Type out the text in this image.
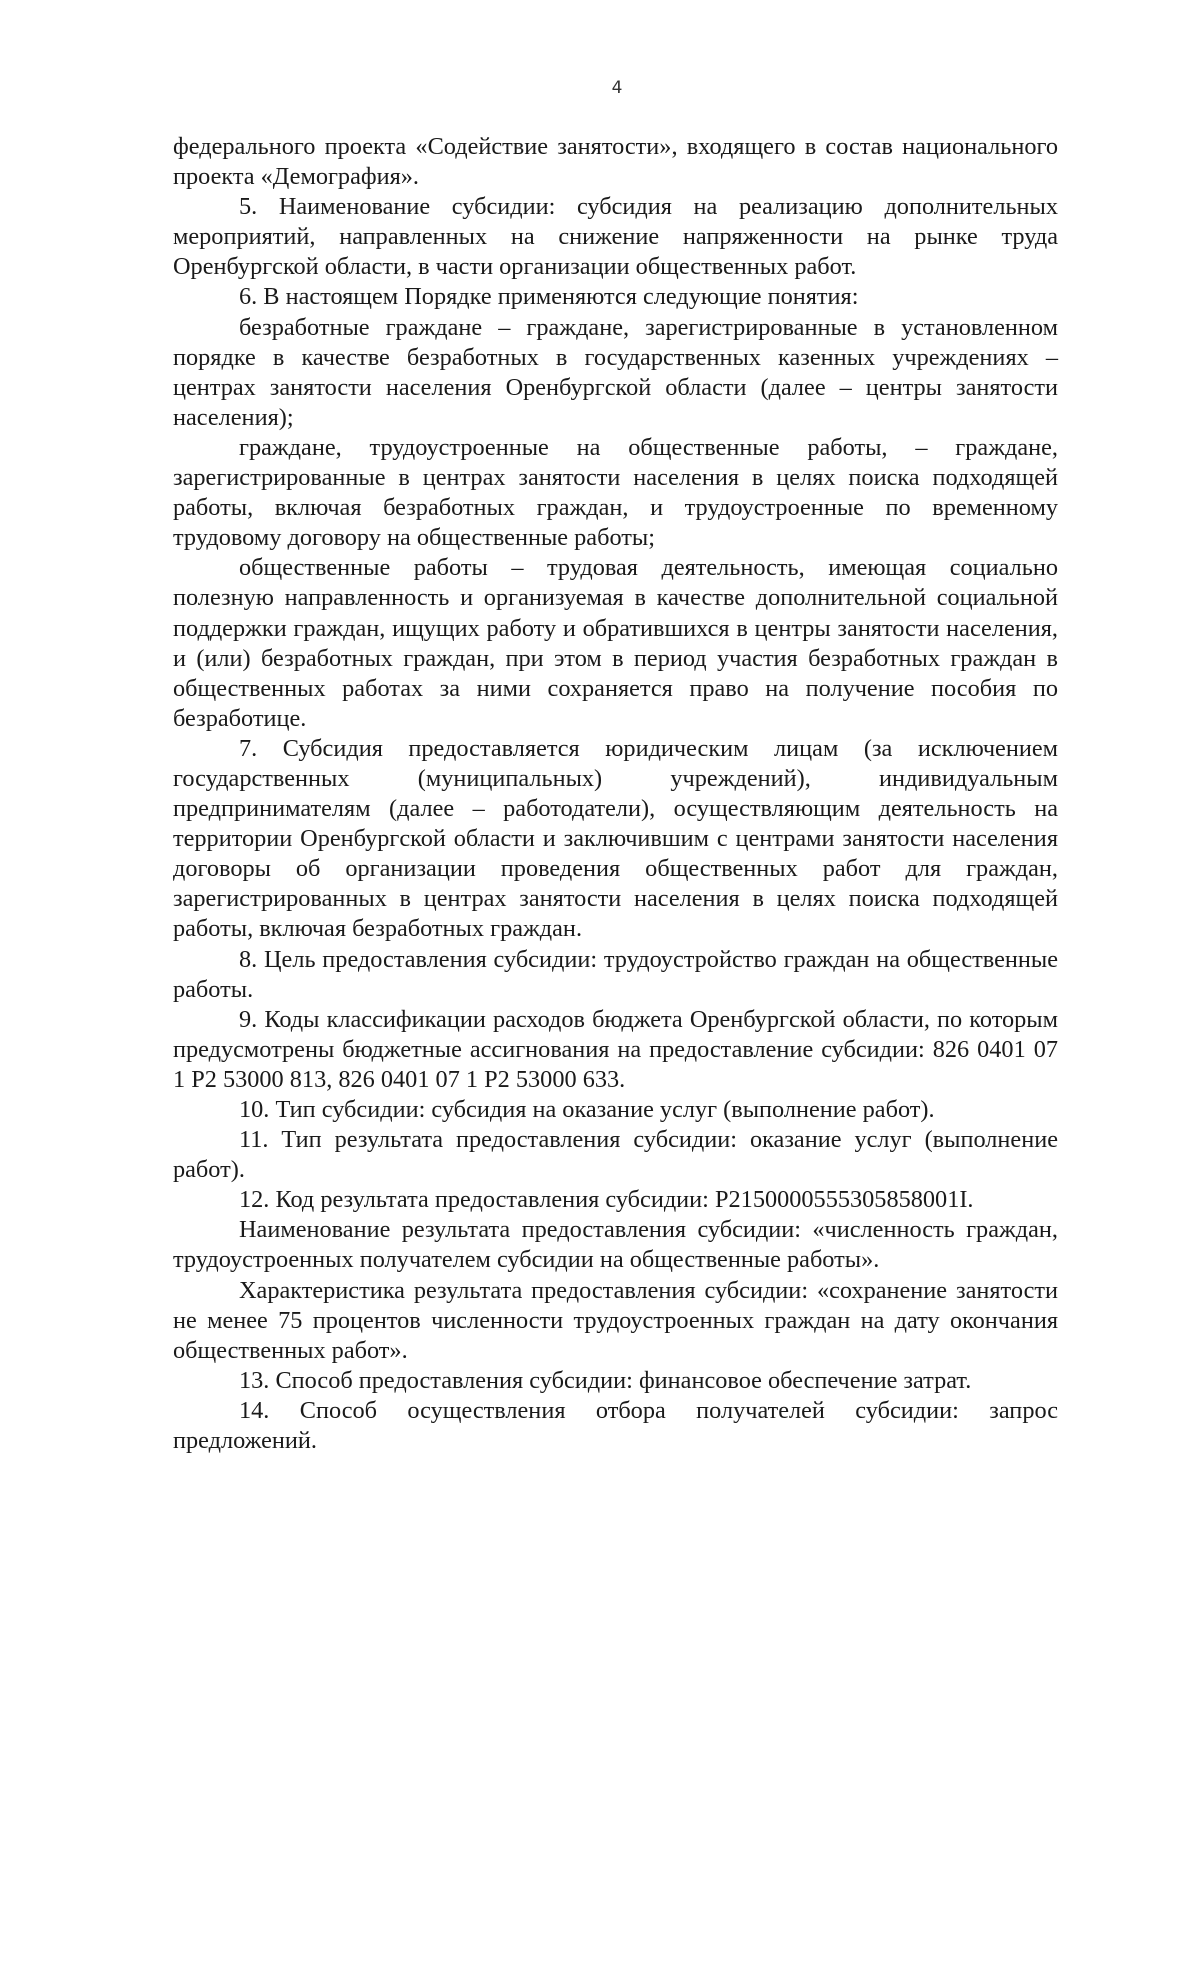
4

федерального проекта «Содействие занятости», входящего в состав национального проекта «Демография».

5. Наименование субсидии: субсидия на реализацию дополнительных мероприятий, направленных на снижение напряженности на рынке труда Оренбургской области, в части организации общественных работ.

6. В настоящем Порядке применяются следующие понятия:

безработные граждане – граждане, зарегистрированные в установленном порядке в качестве безработных в государственных казенных учреждениях – центрах занятости населения Оренбургской области (далее – центры занятости населения);

граждане, трудоустроенные на общественные работы, – граждане, зарегистрированные в центрах занятости населения в целях поиска подходящей работы, включая безработных граждан, и трудоустроенные по временному трудовому договору на общественные работы;

общественные работы – трудовая деятельность, имеющая социально полезную направленность и организуемая в качестве дополнительной социальной поддержки граждан, ищущих работу и обратившихся в центры занятости населения, и (или) безработных граждан, при этом в период участия безработных граждан в общественных работах за ними сохраняется право на получение пособия по безработице.

7. Субсидия предоставляется юридическим лицам (за исключением государственных (муниципальных) учреждений), индивидуальным предпринимателям (далее – работодатели), осуществляющим деятельность на территории Оренбургской области и заключившим с центрами занятости населения договоры об организации проведения общественных работ для граждан, зарегистрированных в центрах занятости населения в целях поиска подходящей работы, включая безработных граждан.

8. Цель предоставления субсидии: трудоустройство граждан на общественные работы.

9. Коды классификации расходов бюджета Оренбургской области, по которым предусмотрены бюджетные ассигнования на предоставление субсидии: 826 0401 07 1 Р2 53000 813, 826 0401 07 1 Р2 53000 633.

10. Тип субсидии: субсидия на оказание услуг (выполнение работ).

11. Тип результата предоставления субсидии: оказание услуг (выполнение работ).

12. Код результата предоставления субсидии: Р2150000555305858001I.

Наименование результата предоставления субсидии: «численность граждан, трудоустроенных получателем субсидии на общественные работы».

Характеристика результата предоставления субсидии: «сохранение занятости не менее 75 процентов численности трудоустроенных граждан на дату окончания общественных работ».

13. Способ предоставления субсидии: финансовое обеспечение затрат.

14. Способ осуществления отбора получателей субсидии: запрос предложений.
